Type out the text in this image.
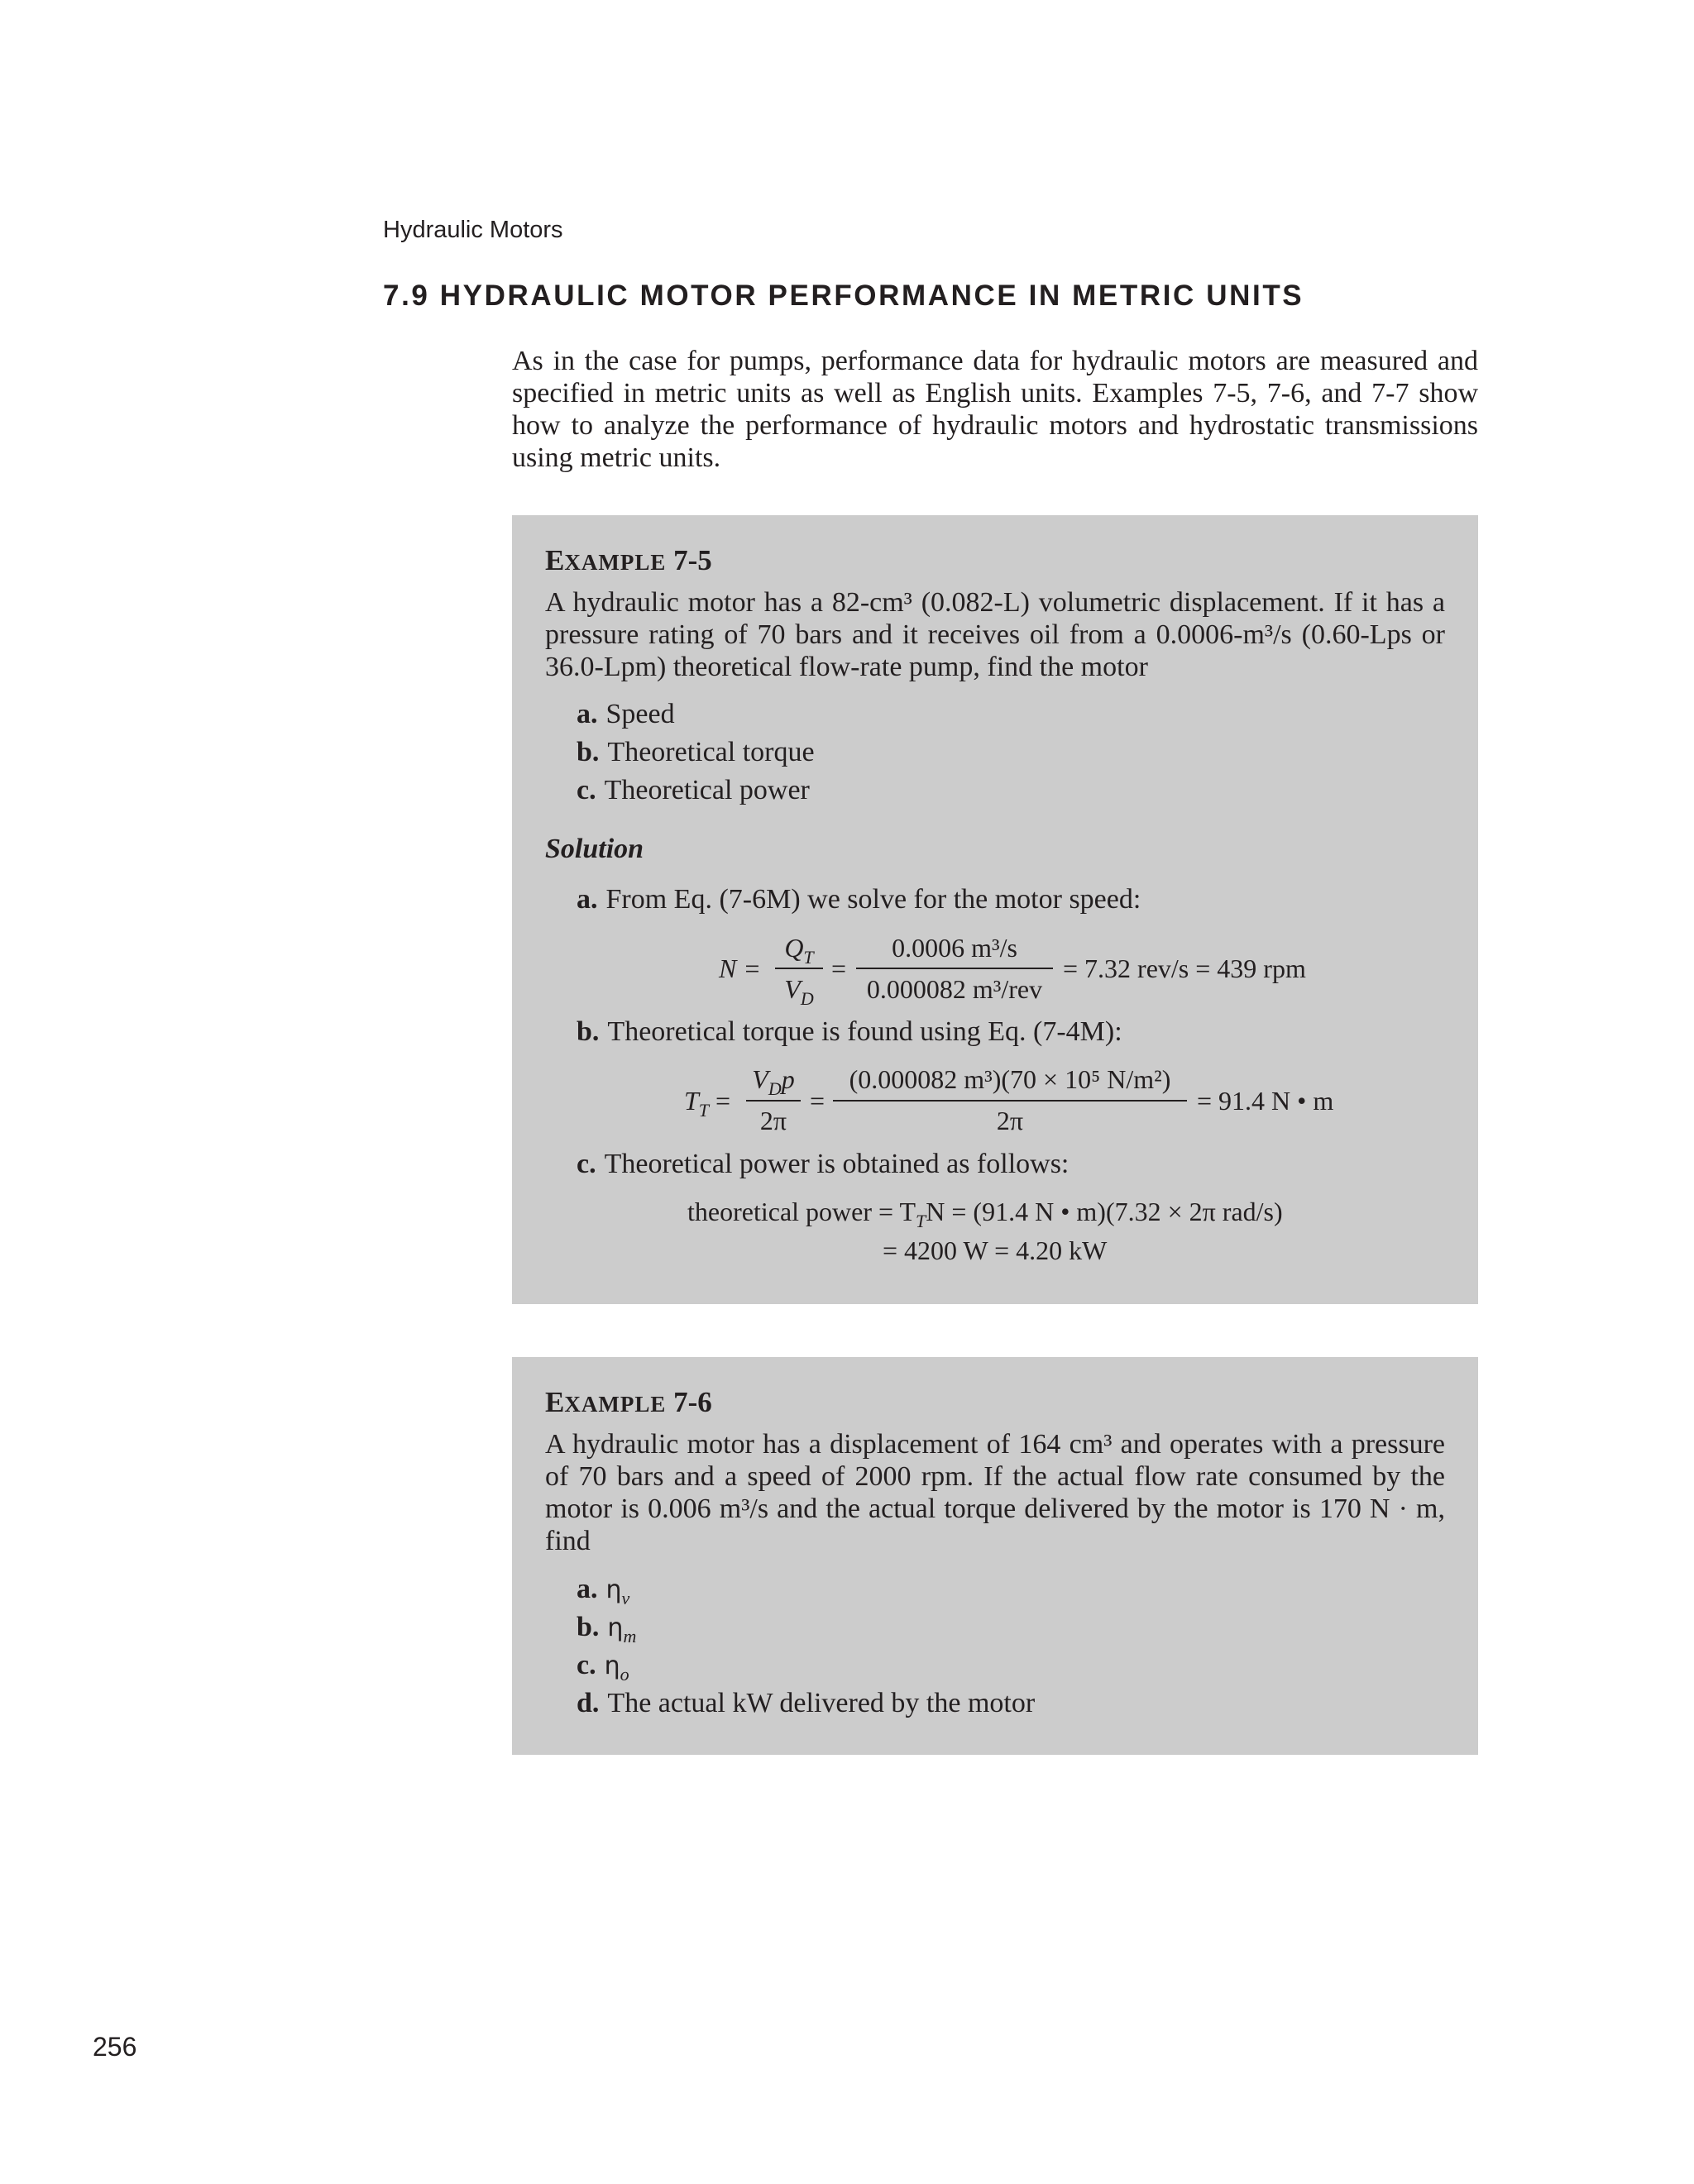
Hydraulic Motors
7.9 HYDRAULIC MOTOR PERFORMANCE IN METRIC UNITS

As in the case for pumps, performance data for hydraulic motors are measured and specified in metric units as well as English units. Examples 7-5, 7-6, and 7-7 show how to analyze the performance of hydraulic motors and hydrostatic transmissions using metric units.

EXAMPLE 7-5

A hydraulic motor has a 82-cm³ (0.082-L) volumetric displacement. If it has a pressure rating of 70 bars and it receives oil from a 0.0006-m³/s (0.60-Lps or 36.0-Lpm) theoretical flow-rate pump, find the motor

a. Speed
b. Theoretical torque
c. Theoretical power
Solution
a. From Eq. (7-6M) we solve for the motor speed:
N =
$Q_T$
$V_D$
=
0.0006 m³/s
0.000082 m³/rev
= 7.32 rev/s = 439 rpm
b. Theoretical torque is found using Eq. (7-4M):
$T_T$ =
$V_Dp$
2π
=
(0.000082 m³)(70 × 10⁵ N/m²)
2π
= 91.4 N • m
c. Theoretical power is obtained as follows:
theoretical power = $T_TN = (91.4$ N • m)(7.32 × 2π rad/s)
= 4200 W = 4.20 kW
EXAMPLE 7-6

A hydraulic motor has a displacement of 164 cm³ and operates with a pressure of 70 bars and a speed of 2000 rpm. If the actual flow rate consumed by the motor is 0.006 m³/s and the actual torque delivered by the motor is 170 N · m, find

a. $\eta_v$
b. $\eta_m$
c. $\eta_o$
d. The actual kW delivered by the motor
256
